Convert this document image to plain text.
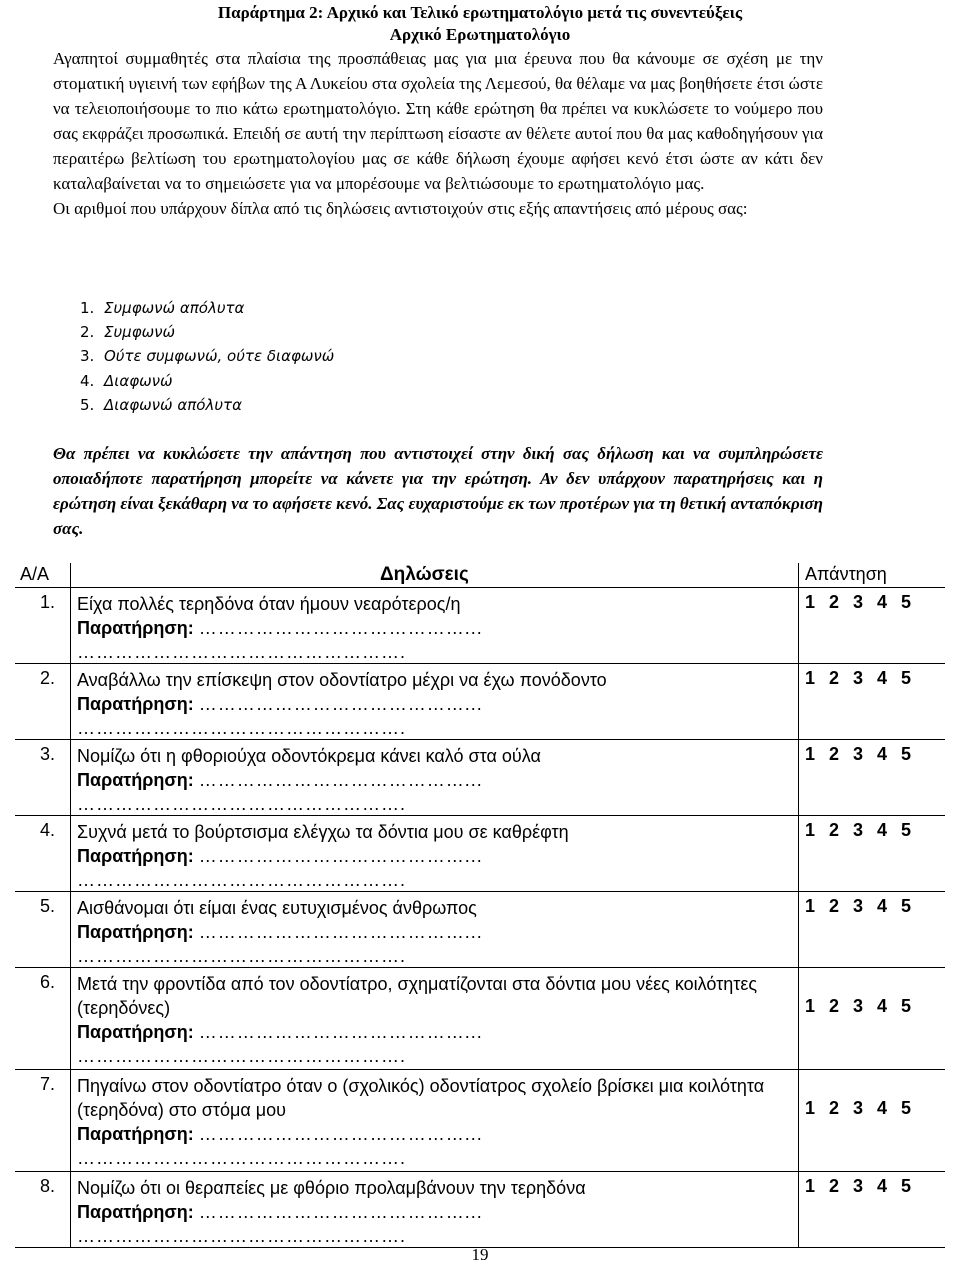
Παράρτημα 2: Αρχικό και Τελικό ερωτηματολόγιο μετά τις συνεντεύξεις
Αρχικό Ερωτηματολόγιο

Αγαπητοί συμμαθητές στα πλαίσια της προσπάθειας μας για μια έρευνα που θα κάνουμε σε σχέση με την στοματική υγιεινή των εφήβων της Α Λυκείου στα σχολεία της Λεμεσού, θα θέλαμε να μας βοηθήσετε έτσι ώστε να τελειοποιήσουμε το πιο κάτω ερωτηματολόγιο. Στη κάθε ερώτηση θα πρέπει να κυκλώσετε το νούμερο που σας εκφράζει προσωπικά. Επειδή σε αυτή την περίπτωση είσαστε αν θέλετε αυτοί που θα μας καθοδηγήσουν για περαιτέρω βελτίωση του ερωτηματολογίου μας σε κάθε δήλωση έχουμε αφήσει κενό έτσι ώστε αν κάτι δεν καταλαβαίνεται να το σημειώσετε για να μπορέσουμε να βελτιώσουμε το ερωτηματολόγιο μας.

Οι αριθμοί που υπάρχουν δίπλα από τις δηλώσεις αντιστοιχούν στις εξής απαντήσεις από μέρους σας:

1. Συμφωνώ απόλυτα
2. Συμφωνώ
3. Ούτε συμφωνώ, ούτε διαφωνώ
4. Διαφωνώ
5. Διαφωνώ απόλυτα
Θα πρέπει να κυκλώσετε την απάντηση που αντιστοιχεί στην δική σας δήλωση και να συμπληρώσετε οποιαδήποτε παρατήρηση μπορείτε να κάνετε για την ερώτηση. Αν δεν υπάρχουν παρατηρήσεις και η ερώτηση είναι ξεκάθαρη να το αφήσετε κενό. Σας ευχαριστούμε εκ των προτέρων για τη θετική ανταπόκριση σας.
Α/Α	Δηλώσεις	Απάντηση
1. Είχα πολλές τερηδόνα όταν ήμουν νεαρότερος/η
Παρατήρηση: ……………………………………...
…………………………………………….
1 2 3 4 5
2. Αναβάλλω την επίσκεψη στον οδοντίατρο μέχρι να έχω πονόδοντο
Παρατήρηση: ……………………………………...
…………………………………………….
1 2 3 4 5
3. Νομίζω ότι η φθοριούχα οδοντόκρεμα κάνει καλό στα ούλα
Παρατήρηση: ……………………………………...
…………………………………………….
1 2 3 4 5
4. Συχνά μετά το βούρτσισμα ελέγχω τα δόντια μου σε καθρέφτη
Παρατήρηση: ……………………………………...
…………………………………………….
1 2 3 4 5
5. Αισθάνομαι ότι είμαι ένας ευτυχισμένος άνθρωπος
Παρατήρηση: ……………………………………...
…………………………………………….
1 2 3 4 5
6. Μετά την φροντίδα από τον οδοντίατρο, σχηματίζονται στα δόντια μου νέες κοιλότητες (τερηδόνες)
Παρατήρηση: ……………………………………...
…………………………………………….
1 2 3 4 5
7. Πηγαίνω στον οδοντίατρο όταν ο (σχολικός) οδοντίατρος σχολείο βρίσκει μια κοιλότητα (τερηδόνα) στο στόμα μου
Παρατήρηση: ……………………………………...
…………………………………………….
1 2 3 4 5
8. Νομίζω ότι οι θεραπείες με φθόριο προλαμβάνουν την τερηδόνα
Παρατήρηση: ……………………………………...
…………………………………………….
1 2 3 4 5
19
